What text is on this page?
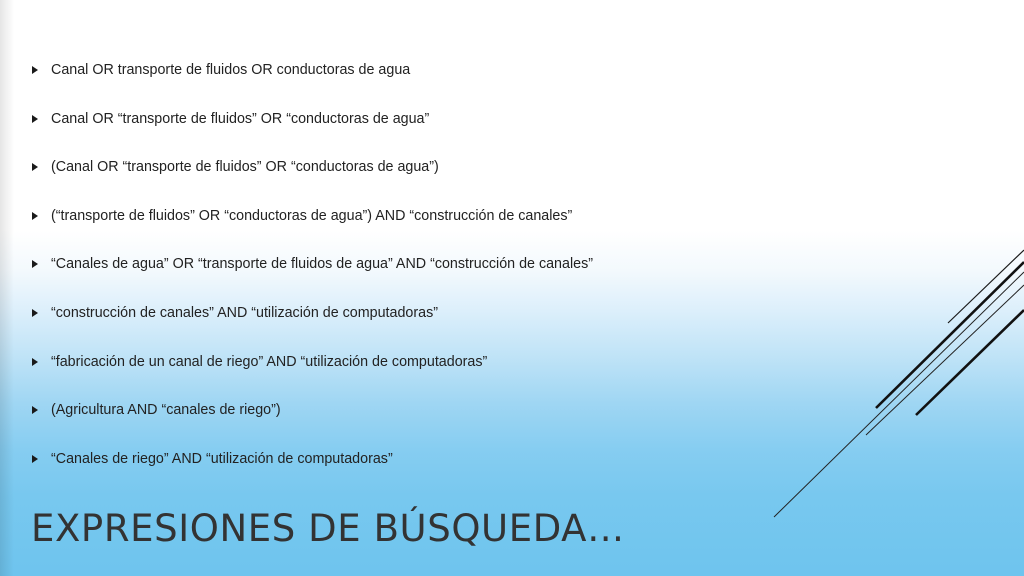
Canal OR transporte de fluidos OR conductoras de agua
Canal OR “transporte de fluidos” OR “conductoras de agua”
(Canal OR “transporte de fluidos” OR “conductoras de agua”)
(“transporte de fluidos” OR “conductoras de agua”) AND “construcción de canales”
“Canales de agua” OR “transporte de fluidos de agua” AND “construcción de canales”
“construcción de canales” AND “utilización de computadoras”
“fabricación de un canal de riego” AND “utilización de computadoras”
(Agricultura AND “canales de riego”)
“Canales de riego” AND “utilización de computadoras”
EXPRESIONES DE BÚSQUEDA…
